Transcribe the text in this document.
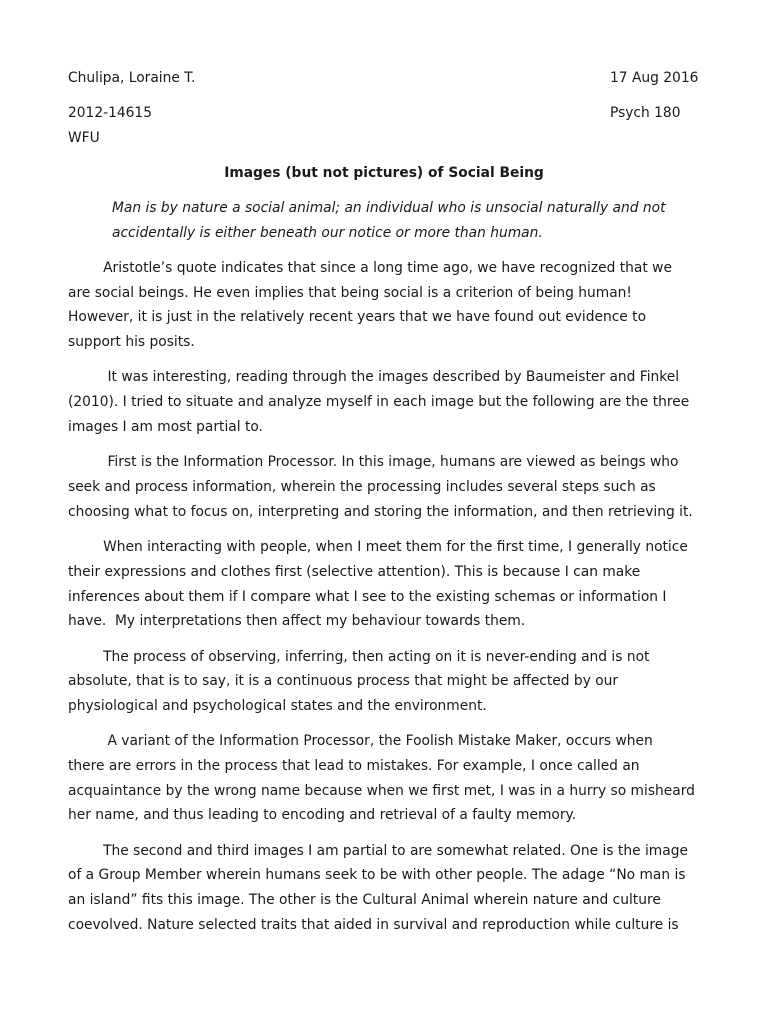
Chulipa, Loraine T.	17 Aug 2016
2012-14615	Psych 180
WFU
Images (but not pictures) of Social Being
Man is by nature a social animal; an individual who is unsocial naturally and not
accidentally is either beneath our notice or more than human.
Aristotle’s quote indicates that since a long time ago, we have recognized that we
are social beings. He even implies that being social is a criterion of being human!
However, it is just in the relatively recent years that we have found out evidence to
support his posits.
It was interesting, reading through the images described by Baumeister and Finkel
(2010). I tried to situate and analyze myself in each image but the following are the three
images I am most partial to.
First is the Information Processor. In this image, humans are viewed as beings who
seek and process information, wherein the processing includes several steps such as
choosing what to focus on, interpreting and storing the information, and then retrieving it.
When interacting with people, when I meet them for the first time, I generally notice
their expressions and clothes first (selective attention). This is because I can make
inferences about them if I compare what I see to the existing schemas or information I
have.  My interpretations then affect my behaviour towards them.
The process of observing, inferring, then acting on it is never-ending and is not
absolute, that is to say, it is a continuous process that might be affected by our
physiological and psychological states and the environment.
A variant of the Information Processor, the Foolish Mistake Maker, occurs when
there are errors in the process that lead to mistakes. For example, I once called an
acquaintance by the wrong name because when we first met, I was in a hurry so misheard
her name, and thus leading to encoding and retrieval of a faulty memory.
The second and third images I am partial to are somewhat related. One is the image
of a Group Member wherein humans seek to be with other people. The adage “No man is
an island” fits this image. The other is the Cultural Animal wherein nature and culture
coevolved. Nature selected traits that aided in survival and reproduction while culture is
